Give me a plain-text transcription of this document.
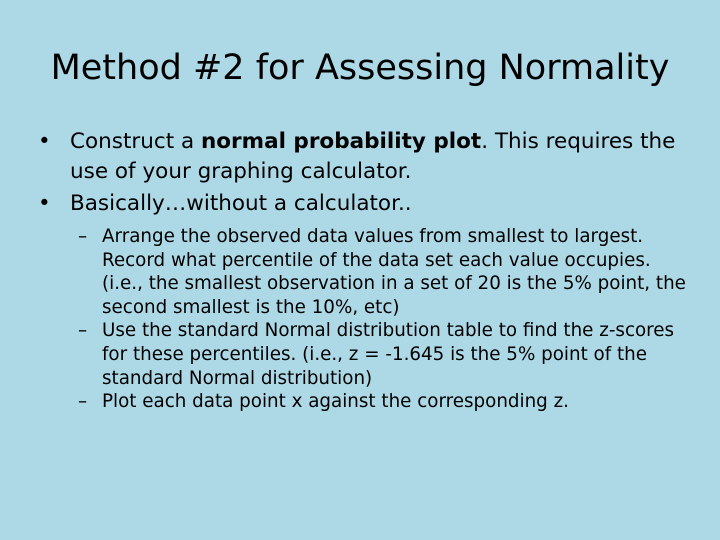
Method #2 for Assessing Normality
• Construct a normal probability plot. This requires the use of your graphing calculator.
• Basically…without a calculator..
– Arrange the observed data values from smallest to largest. Record what percentile of the data set each value occupies. (i.e., the smallest observation in a set of 20 is the 5% point, the second smallest is the 10%, etc)
– Use the standard Normal distribution table to find the z-scores for these percentiles. (i.e., z = -1.645 is the 5% point of the standard Normal distribution)
– Plot each data point x against the corresponding z.
